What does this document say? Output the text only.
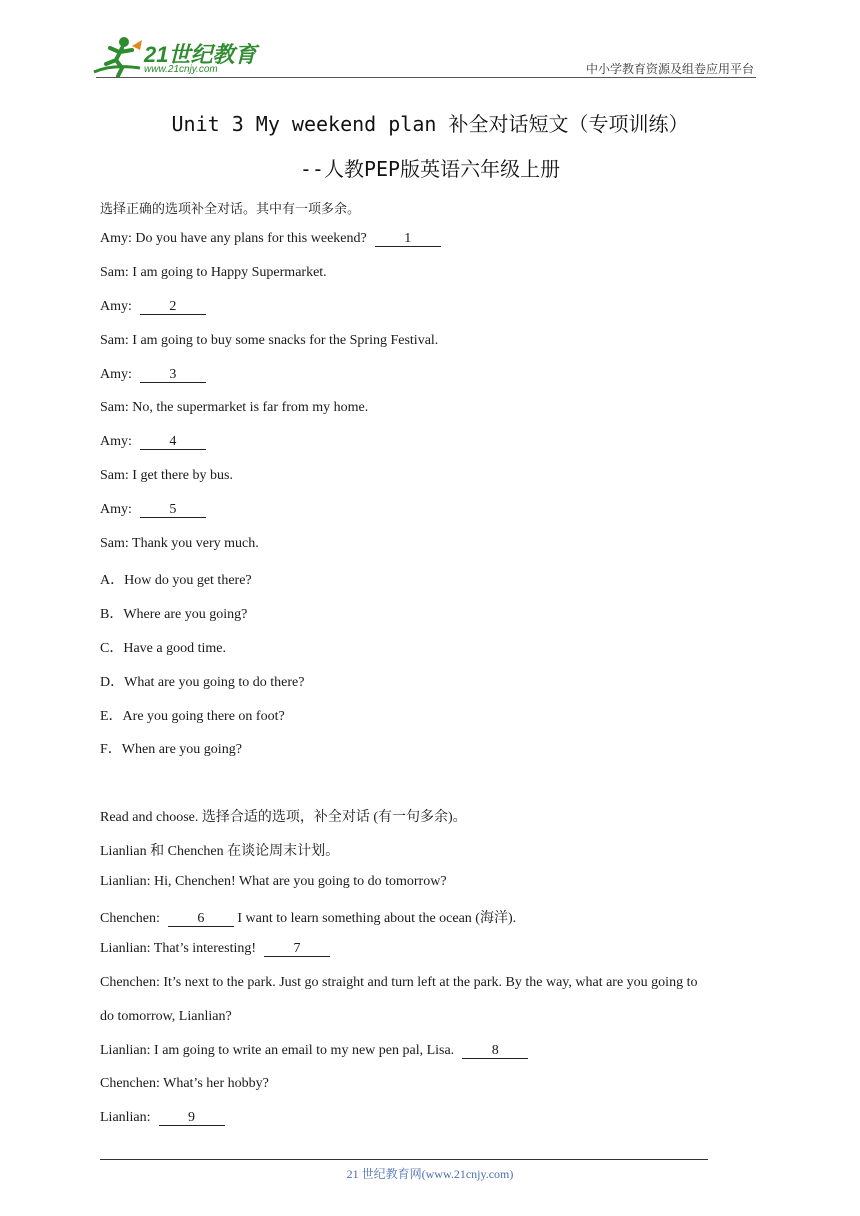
21世纪教育
www.21cnjy.com	中小学教育资源及组卷应用平台
Unit 3 My weekend plan 补全对话短文（专项训练）
--人教PEP版英语六年级上册
选择正确的选项补全对话。其中有一项多余。
Amy: Do you have any plans for this weekend?	1
Sam: I am going to Happy Supermarket.
Amy:	2
Sam: I am going to buy some snacks for the Spring Festival.
Amy:	3
Sam: No, the supermarket is far from my home.
Amy:	4
Sam: I get there by bus.
Amy:	5
Sam: Thank you very much.
A．How do you get there?
B．Where are you going?
C．Have a good time.
D．What are you going to do there?
E．Are you going there on foot?
F．When are you going?
Read and choose. 选择合适的选项，补全对话 (有一句多余)。
Lianlian 和 Chenchen 在谈论周末计划。
Lianlian: Hi, Chenchen! What are you going to do tomorrow?
Chenchen:	6 I want to learn something about the ocean (海洋).
Lianlian: That’s interesting!	7
Chenchen: It’s next to the park. Just go straight and turn left at the park. By the way, what are you going to
do tomorrow, Lianlian?
Lianlian: I am going to write an email to my new pen pal, Lisa.	8
Chenchen: What’s her hobby?
Lianlian:	9
21 世纪教育网(www.21cnjy.com)
